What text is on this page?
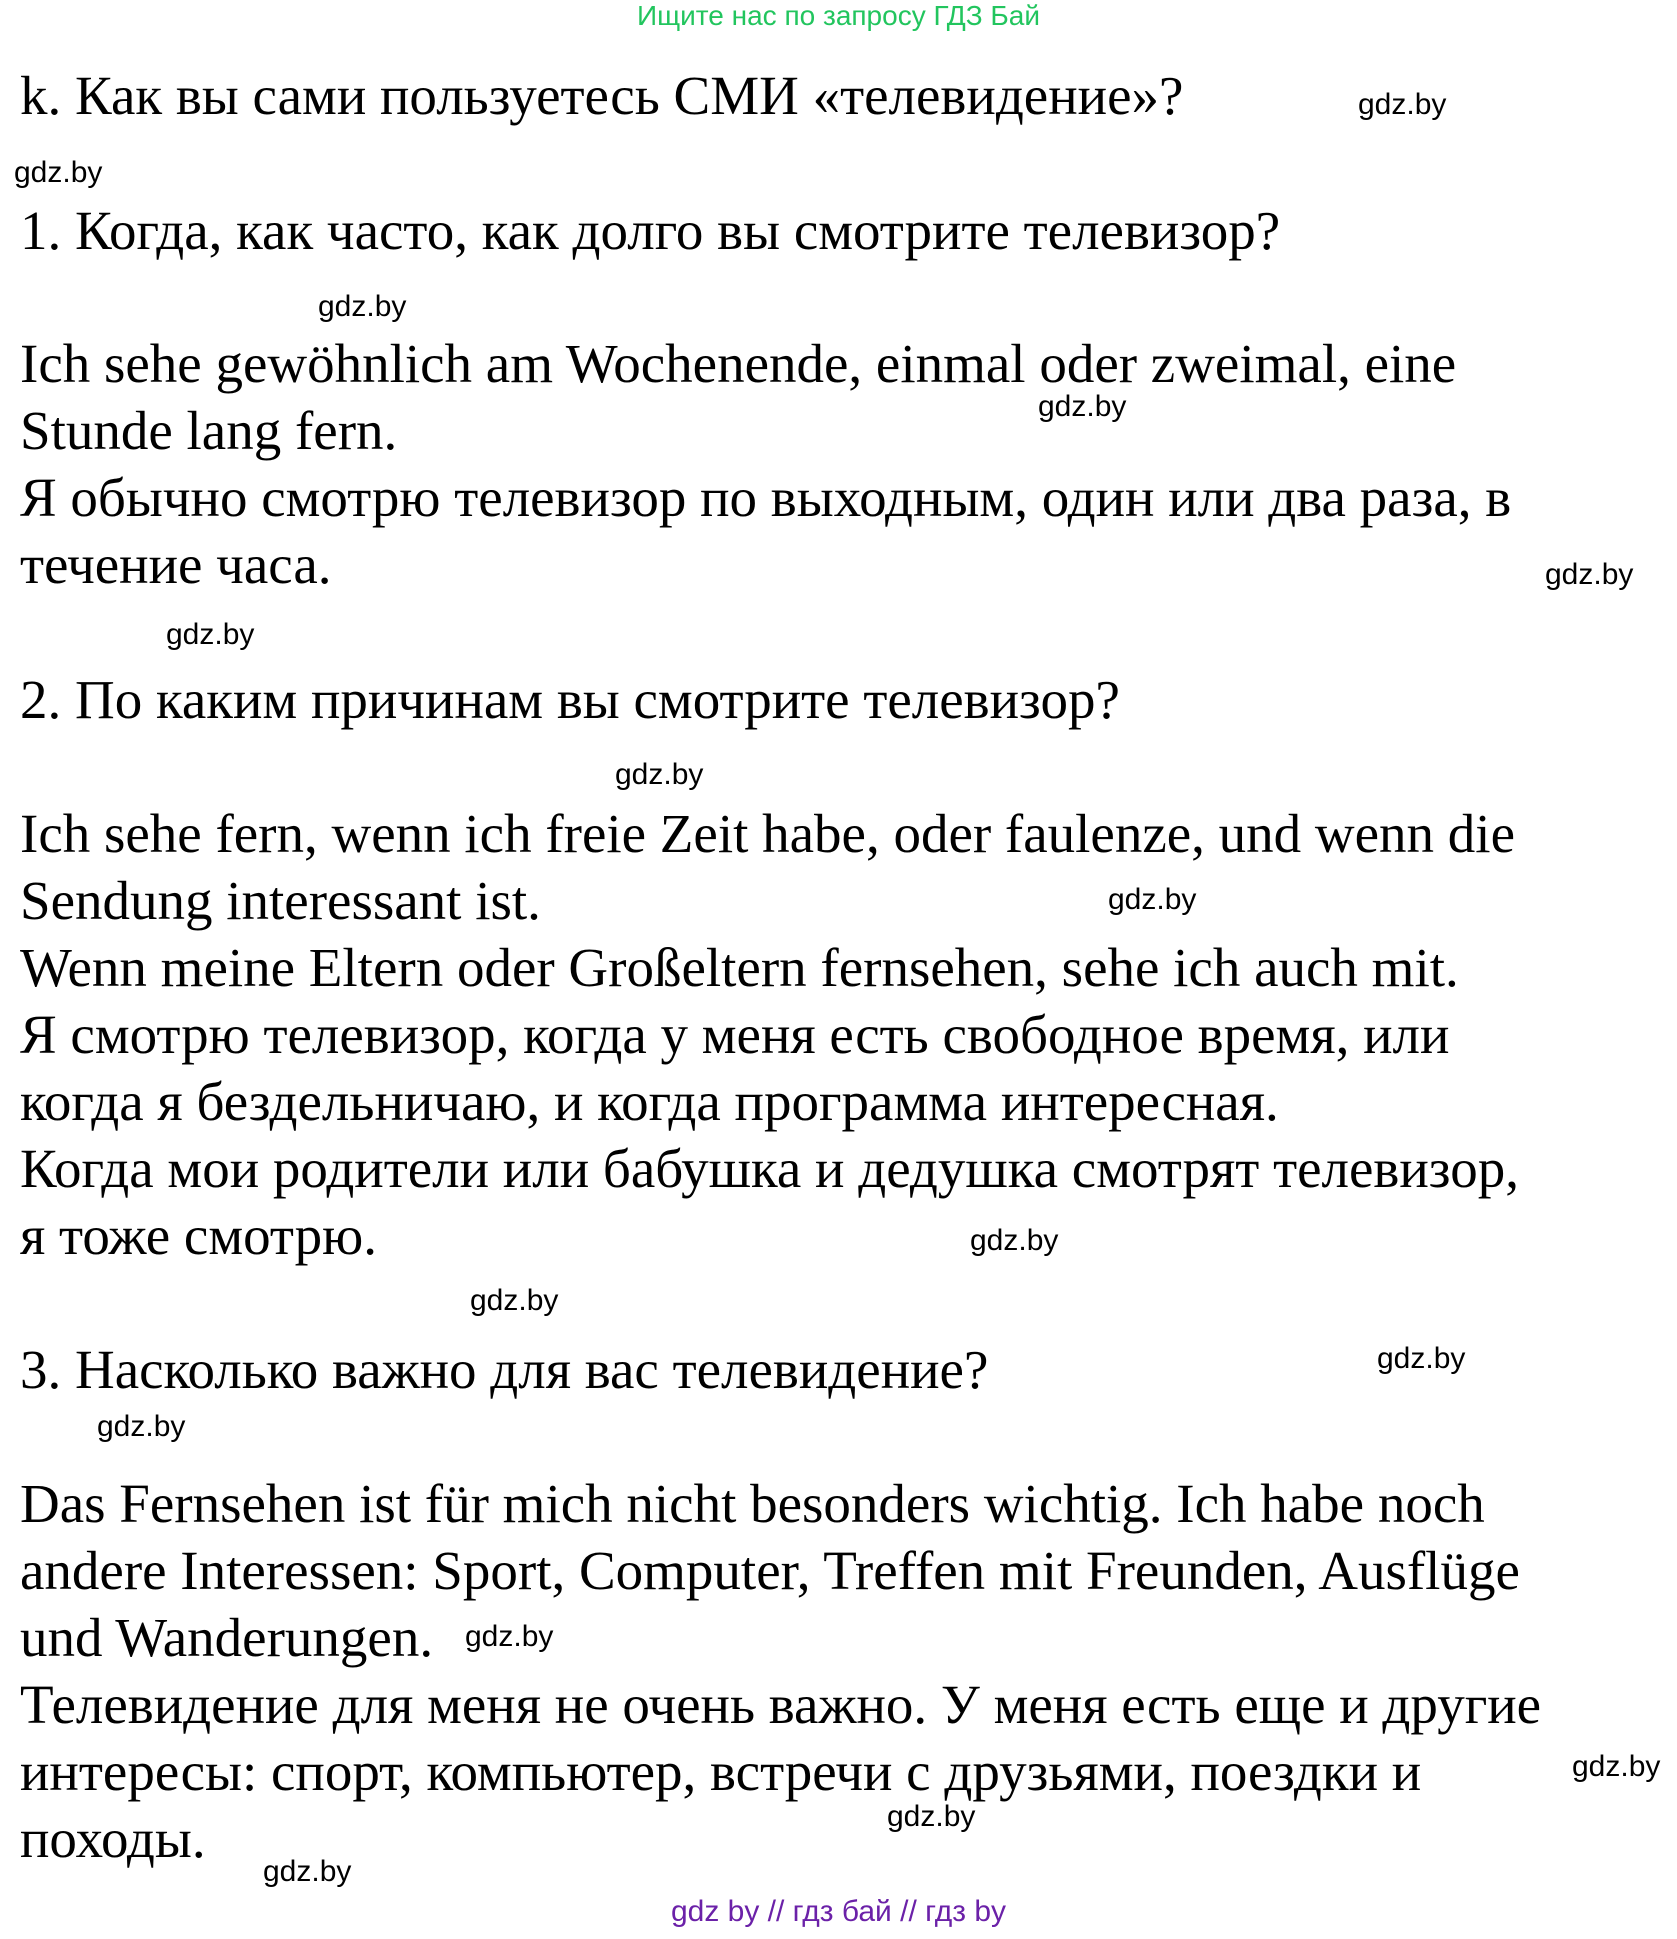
Ищите нас по запросу ГДЗ Бай
k. Как вы сами пользуетесь СМИ «телевидение»?
1. Когда, как часто, как долго вы смотрите телевизор?
Ich sehe gewöhnlich am Wochenende, einmal oder zweimal, eine
Stunde lang fern.
Я обычно смотрю телевизор по выходным, один или два раза, в
течение часа.
2. По каким причинам вы смотрите телевизор?
Ich sehe fern, wenn ich freie Zeit habe, oder faulenze, und wenn die
Sendung interessant ist.
Wenn meine Eltern oder Großeltern fernsehen, sehe ich auch mit.
Я смотрю телевизор, когда у меня есть свободное время, или
когда я бездельничаю, и когда программа интересная.
Когда мои родители или бабушка и дедушка смотрят телевизор,
я тоже смотрю.
3. Насколько важно для вас телевидение?
Das Fernsehen ist für mich nicht besonders wichtig. Ich habe noch
andere Interessen: Sport, Computer, Treffen mit Freunden, Ausflüge
und Wanderungen.
Телевидение для меня не очень важно. У меня есть еще и другие
интересы: спорт, компьютер, встречи с друзьями, поездки и
походы.
gdz.by
gdz.by
gdz.by
gdz.by
gdz.by
gdz.by
gdz.by
gdz.by
gdz.by
gdz.by
gdz.by
gdz.by
gdz.by
gdz.by
gdz.by
gdz.by
gdz by // гдз бай // гдз by
